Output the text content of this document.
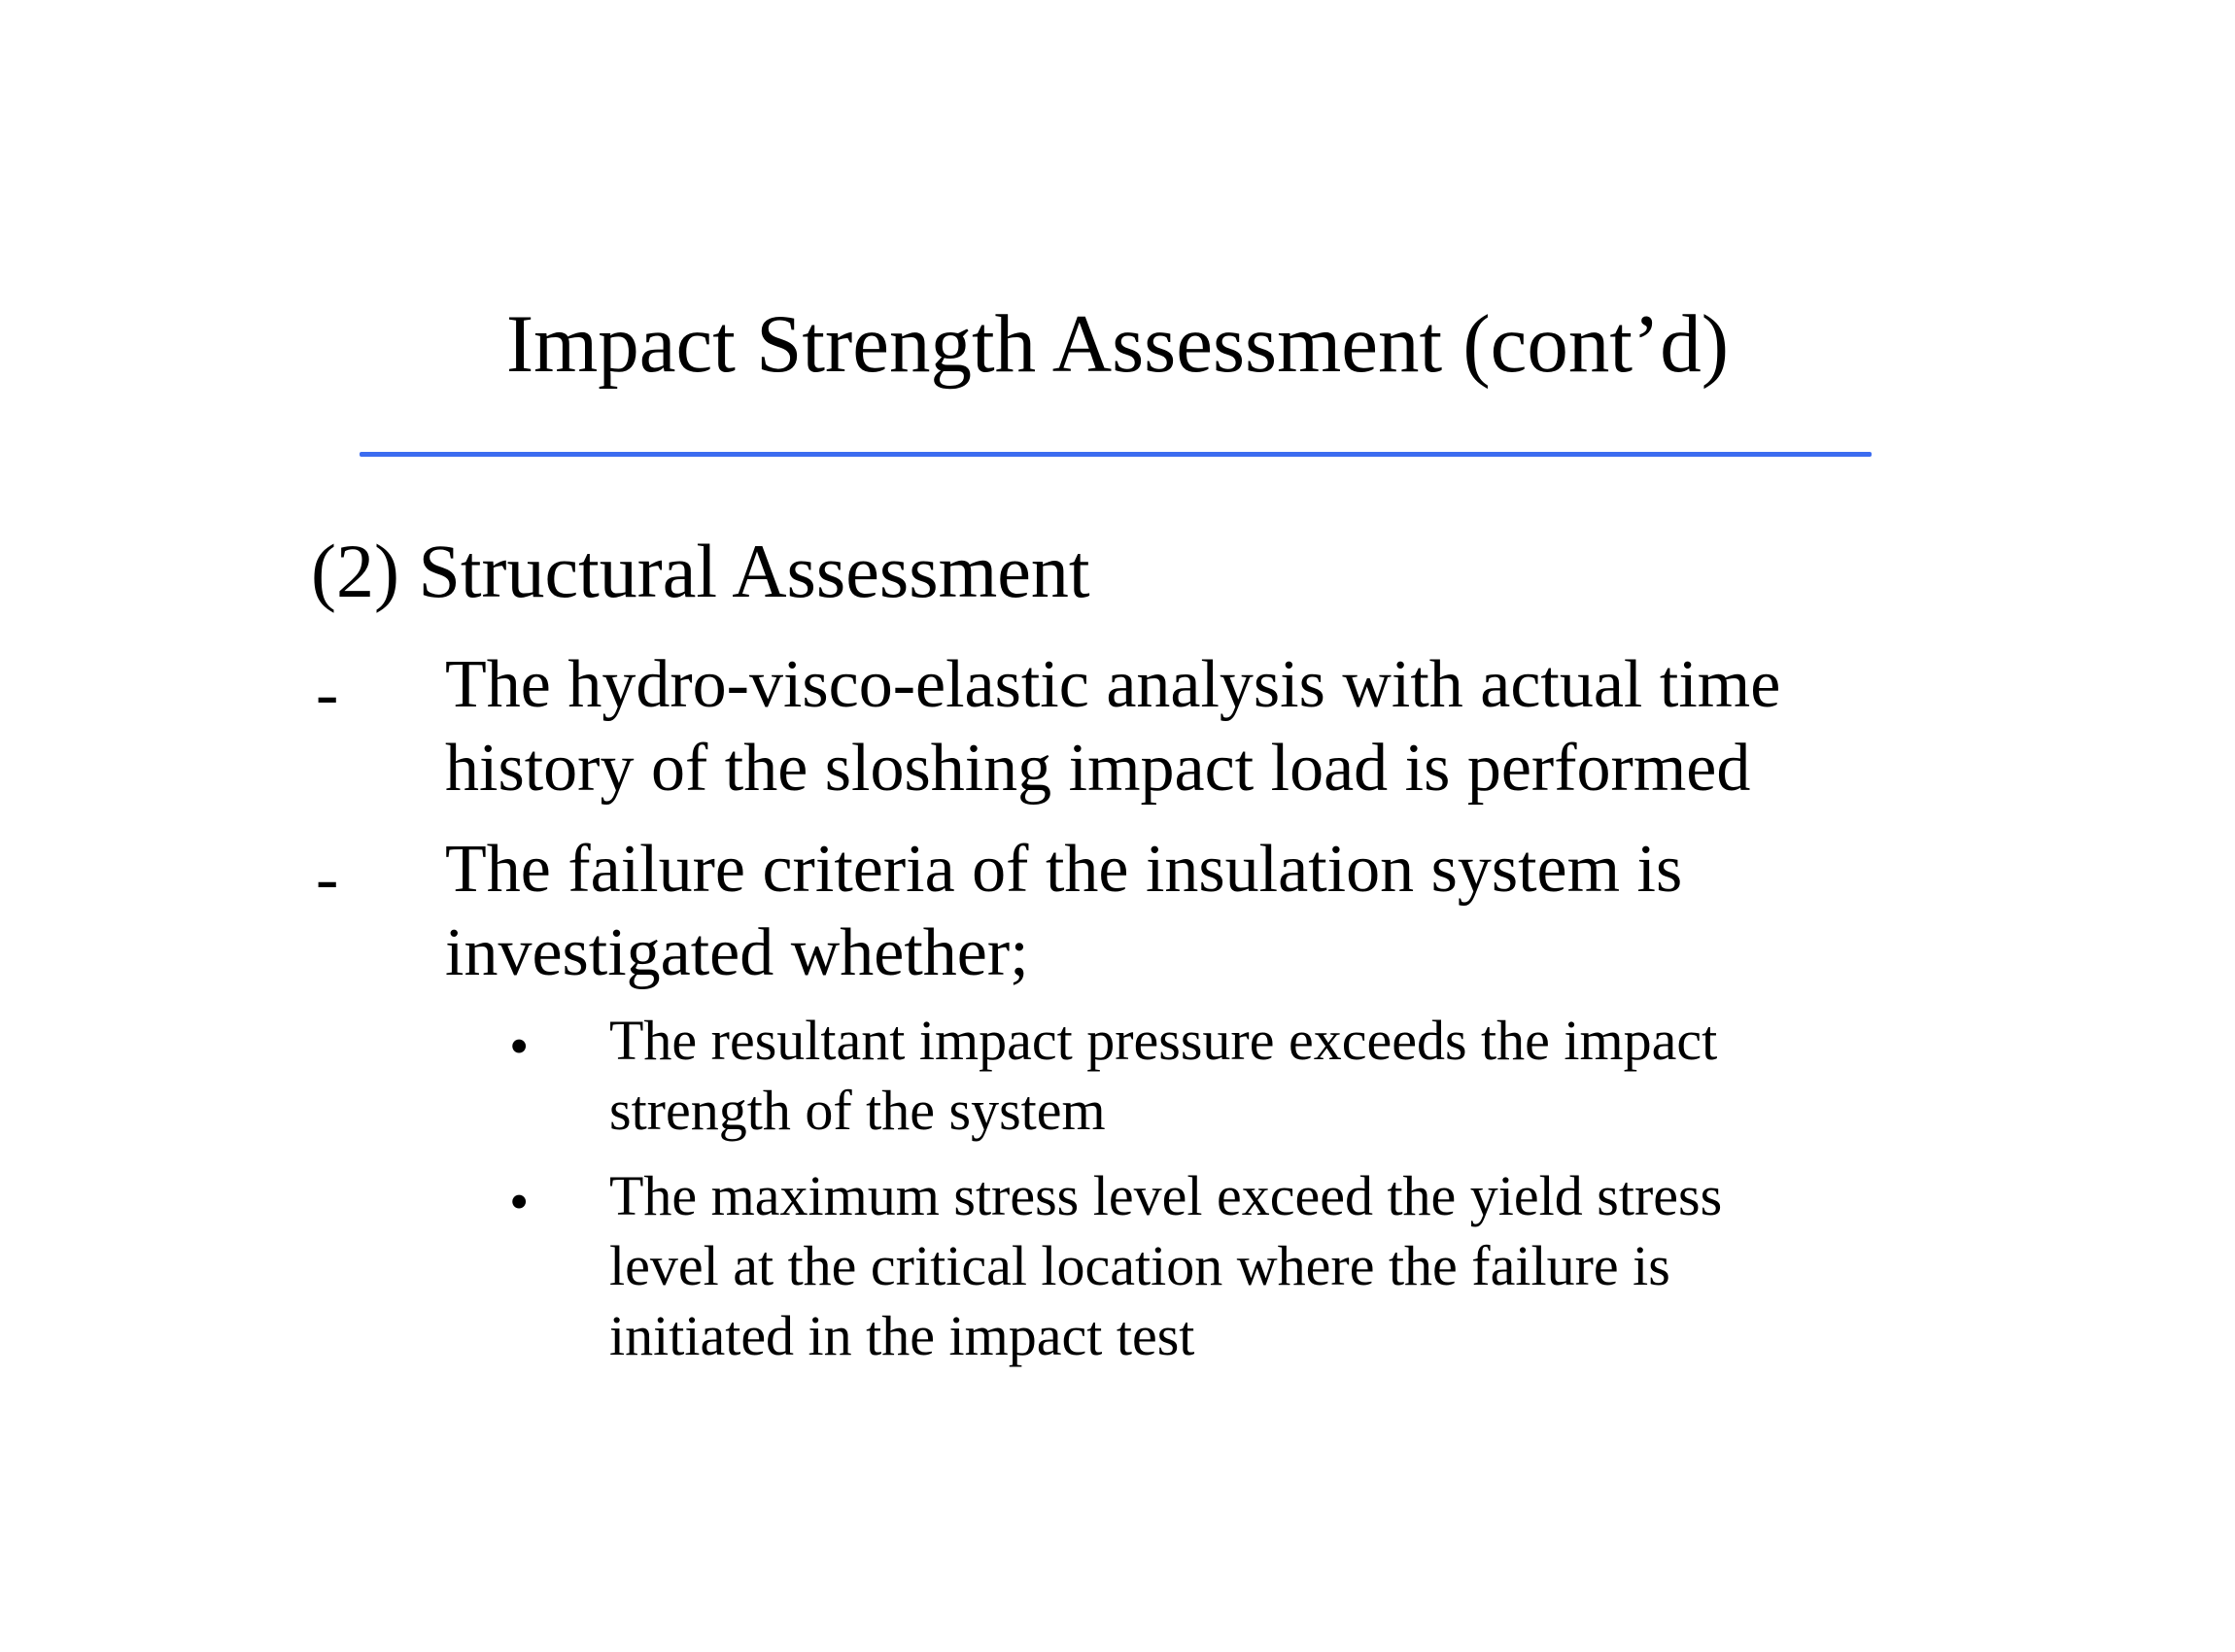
Impact Strength Assessment (cont’d)
(2) Structural Assessment
- The hydro-visco-elastic analysis with actual time
history of the sloshing impact load is performed
- The failure criteria of the insulation system is
investigated whether;
• The resultant impact pressure exceeds the impact
strength of the system
• The maximum stress level exceed the yield stress
level at the critical location where the failure is
initiated in the impact test
